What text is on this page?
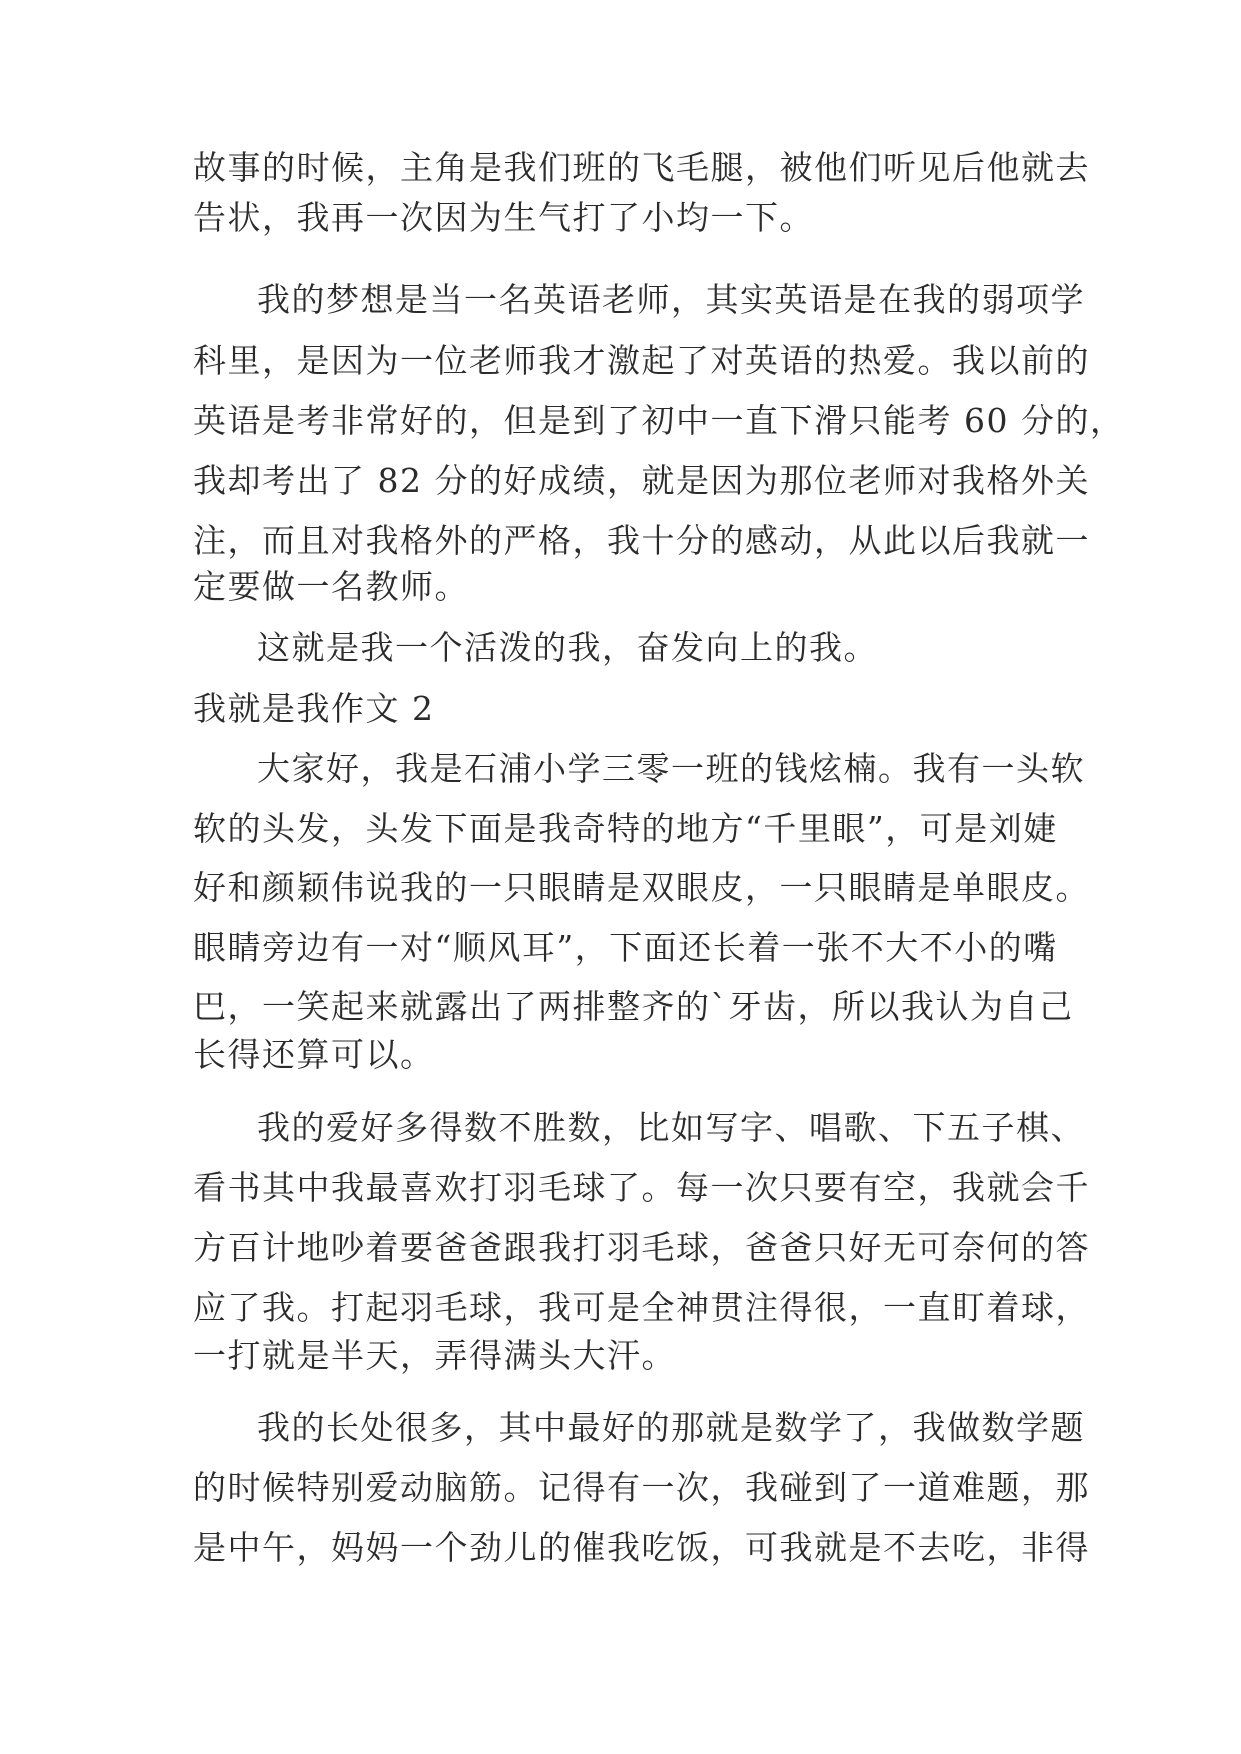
故事的时候，主角是我们班的飞毛腿，被他们听见后他就去
告状，我再一次因为生气打了小均一下。
我的梦想是当一名英语老师，其实英语是在我的弱项学
科里，是因为一位老师我才激起了对英语的热爱。我以前的
英语是考非常好的，但是到了初中一直下滑只能考 60 分的，
我却考出了 82 分的好成绩，就是因为那位老师对我格外关
注，而且对我格外的严格，我十分的感动，从此以后我就一
定要做一名教师。
这就是我一个活泼的我，奋发向上的我。
我就是我作文 2
大家好，我是石浦小学三零一班的钱炫楠。我有一头软
软的头发，头发下面是我奇特的地方“千里眼”，可是刘婕
好和颜颖伟说我的一只眼睛是双眼皮，一只眼睛是单眼皮。
眼睛旁边有一对“顺风耳”，下面还长着一张不大不小的嘴
巴，一笑起来就露出了两排整齐的`牙齿，所以我认为自己
长得还算可以。
我的爱好多得数不胜数，比如写字、唱歌、下五子棋、
看书其中我最喜欢打羽毛球了。每一次只要有空，我就会千
方百计地吵着要爸爸跟我打羽毛球，爸爸只好无可奈何的答
应了我。打起羽毛球，我可是全神贯注得很，一直盯着球，
一打就是半天，弄得满头大汗。
我的长处很多，其中最好的那就是数学了，我做数学题
的时候特别爱动脑筋。记得有一次，我碰到了一道难题，那
是中午，妈妈一个劲儿的催我吃饭，可我就是不去吃，非得
